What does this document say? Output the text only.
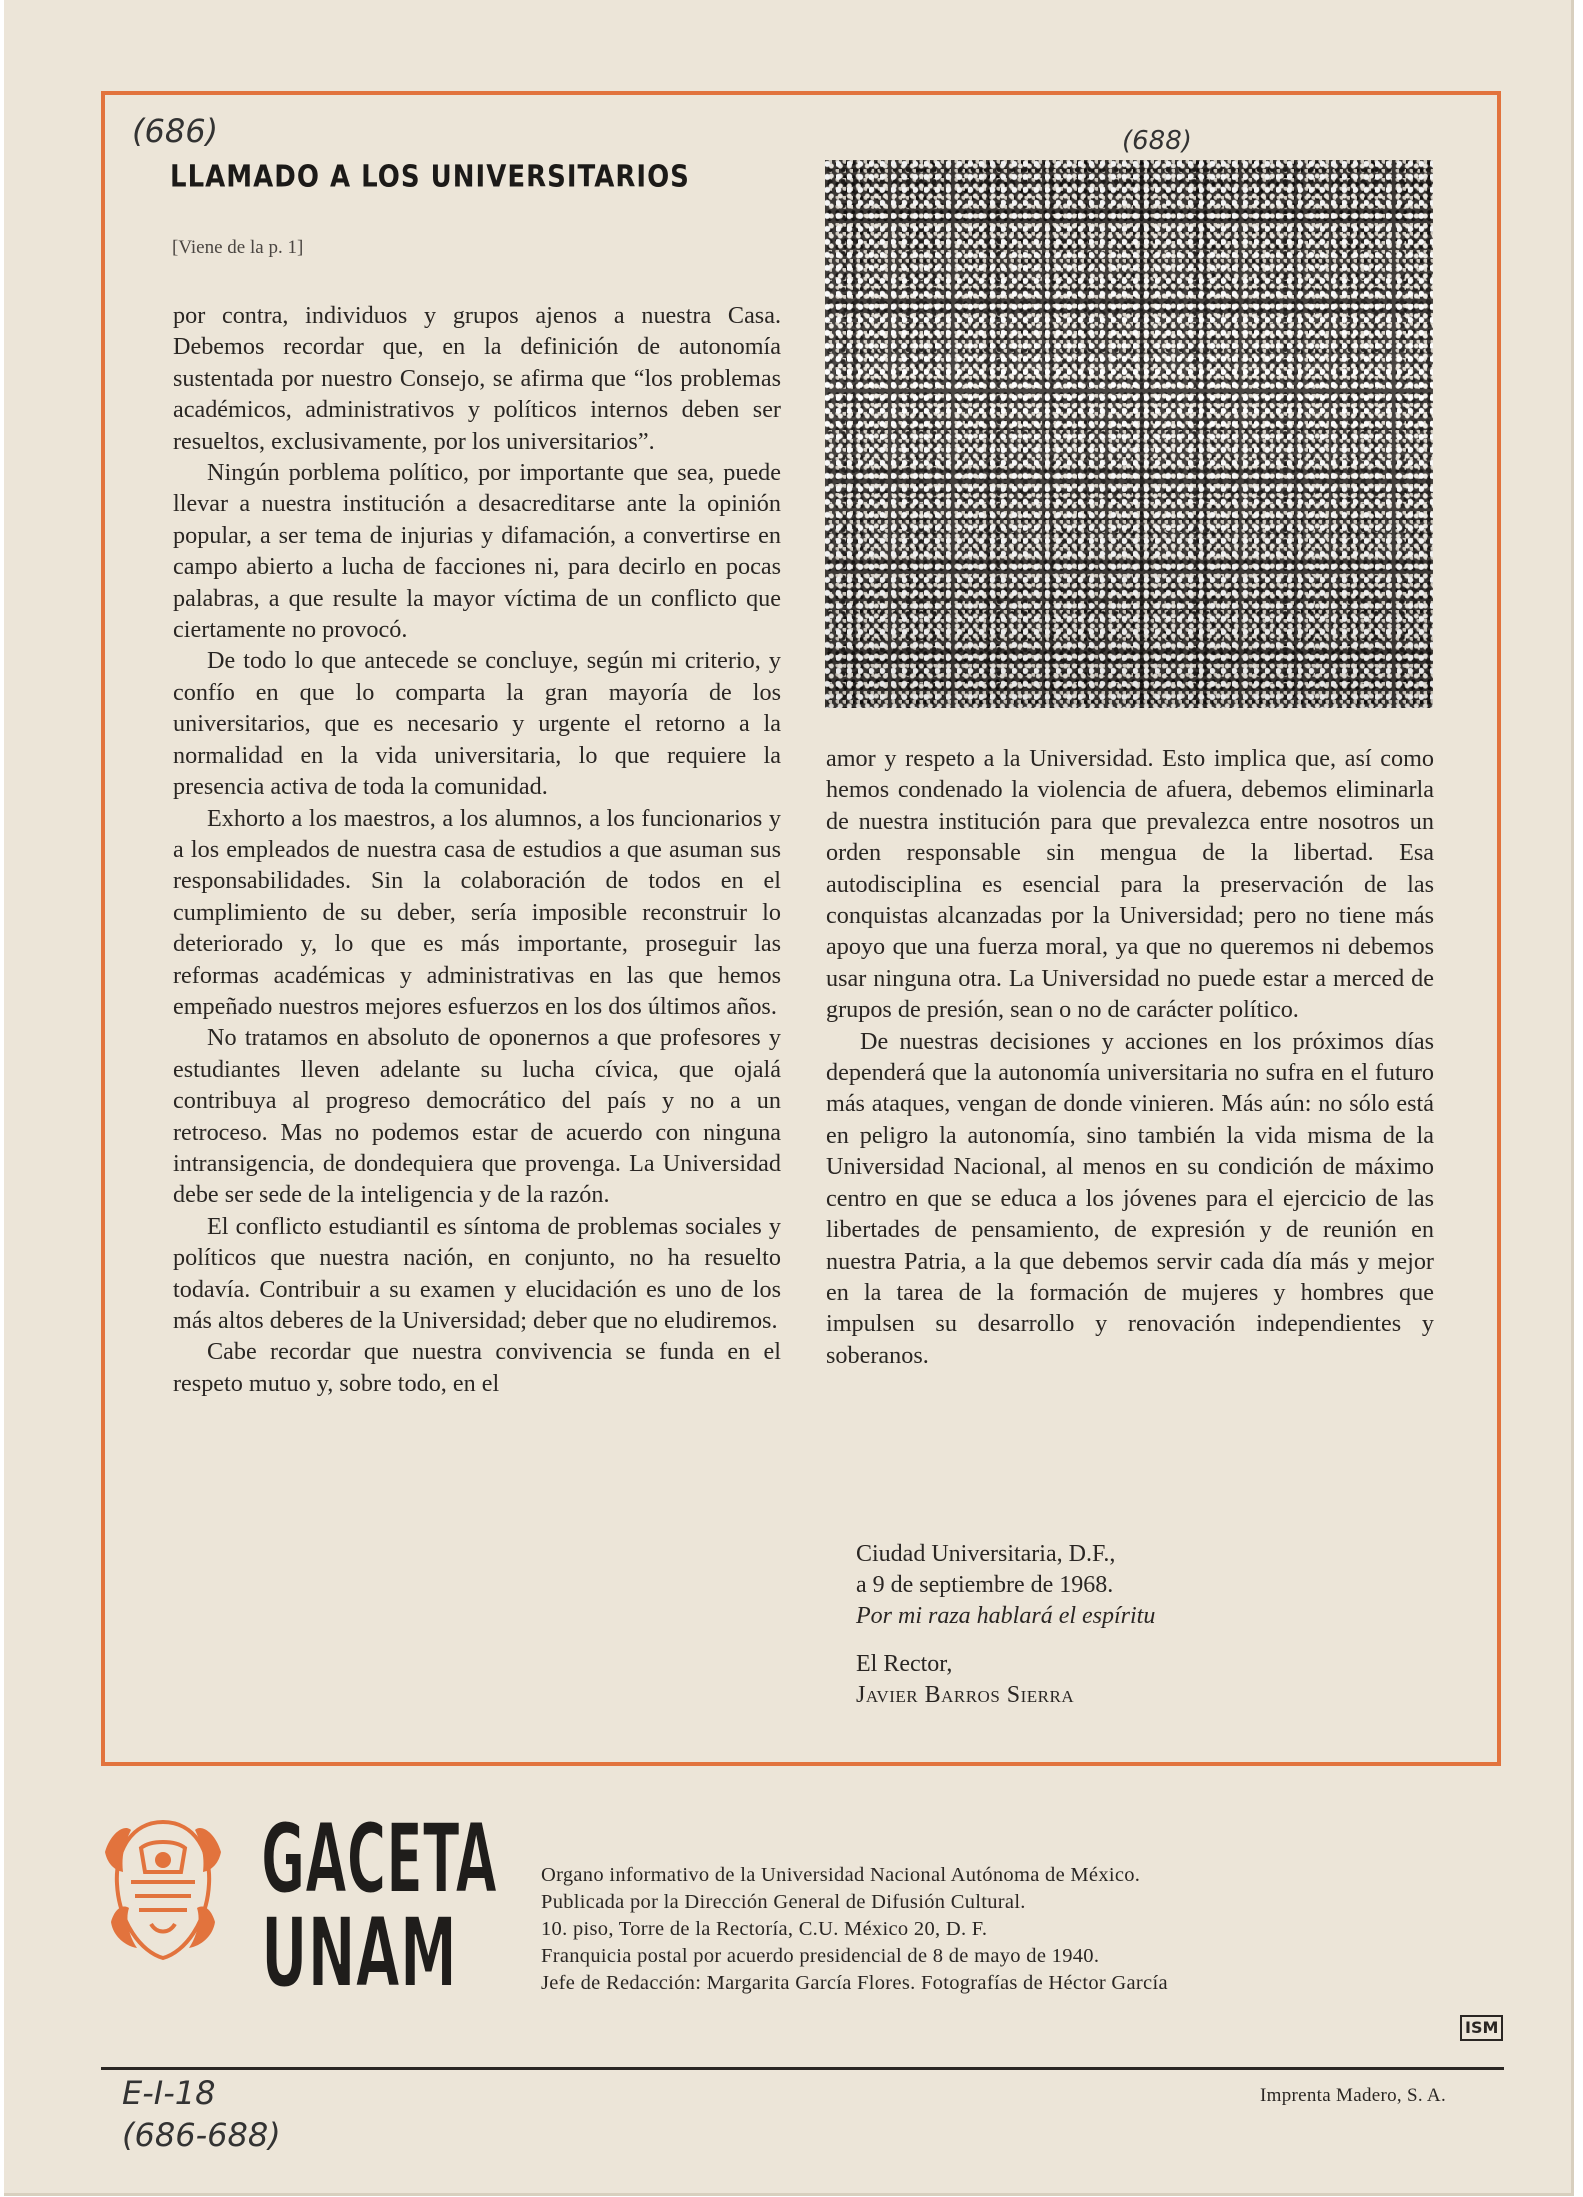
(686)	(688)
LLAMADO A LOS UNIVERSITARIOS
[Viene de la p. 1]

por contra, individuos y grupos ajenos a nuestra Casa. Debemos recordar que, en la definición de autonomía sustentada por nuestro Consejo, se afirma que “los problemas académicos, administrativos y políticos internos deben ser resueltos, exclusivamente, por los universitarios”.

Ningún porblema político, por importante que sea, puede llevar a nuestra institución a desacreditarse ante la opinión popular, a ser tema de injurias y difamación, a convertirse en campo abierto a lucha de facciones ni, para decirlo en pocas palabras, a que resulte la mayor víctima de un conflicto que ciertamente no provocó.

De todo lo que antecede se concluye, según mi criterio, y confío en que lo comparta la gran mayoría de los universitarios, que es necesario y urgente el retorno a la normalidad en la vida universitaria, lo que requiere la presencia activa de toda la comunidad.

Exhorto a los maestros, a los alumnos, a los funcionarios y a los empleados de nuestra casa de estudios a que asuman sus responsabilidades. Sin la colaboración de todos en el cumplimiento de su deber, sería imposible reconstruir lo deteriorado y, lo que es más importante, proseguir las reformas académicas y administrativas en las que hemos empeñado nuestros mejores esfuerzos en los dos últimos años.

No tratamos en absoluto de oponernos a que profesores y estudiantes lleven adelante su lucha cívica, que ojalá contribuya al progreso democrático del país y no a un retroceso. Mas no podemos estar de acuerdo con ninguna intransigencia, de dondequiera que provenga. La Universidad debe ser sede de la inteligencia y de la razón.

El conflicto estudiantil es síntoma de problemas sociales y políticos que nuestra nación, en conjunto, no ha resuelto todavía. Contribuir a su examen y elucidación es uno de los más altos deberes de la Universidad; deber que no eludiremos.

Cabe recordar que nuestra convivencia se funda en el respeto mutuo y, sobre todo, en el

amor y respeto a la Universidad. Esto implica que, así como hemos condenado la violencia de afuera, debemos eliminarla de nuestra institución para que prevalezca entre nosotros un orden responsable sin mengua de la libertad. Esa autodisciplina es esencial para la preservación de las conquistas alcanzadas por la Universidad; pero no tiene más apoyo que una fuerza moral, ya que no queremos ni debemos usar ninguna otra. La Universidad no puede estar a merced de grupos de presión, sean o no de carácter político.

De nuestras decisiones y acciones en los próximos días dependerá que la autonomía universitaria no sufra en el futuro más ataques, vengan de donde vinieren. Más aún: no sólo está en peligro la autonomía, sino también la vida misma de la Universidad Nacional, al menos en su condición de máximo centro en que se educa a los jóvenes para el ejercicio de las libertades de pensamiento, de expresión y de reunión en nuestra Patria, a la que debemos servir cada día más y mejor en la tarea de la formación de mujeres y hombres que impulsen su desarrollo y renovación independientes y soberanos.

Ciudad Universitaria, D.F.,
a 9 de septiembre de 1968.
Por mi raza hablará el espíritu
El Rector,
Javier Barros Sierra
GACETA
UNAM
Organo informativo de la Universidad Nacional Autónoma de México.
Publicada por la Dirección General de Difusión Cultural.
10. piso, Torre de la Rectoría, C.U. México 20, D. F.
Franquicia postal por acuerdo presidencial de 8 de mayo de 1940.
Jefe de Redacción: Margarita García Flores. Fotografías de Héctor García
ISM
E-I-18
(686-688)
Imprenta Madero, S. A.
